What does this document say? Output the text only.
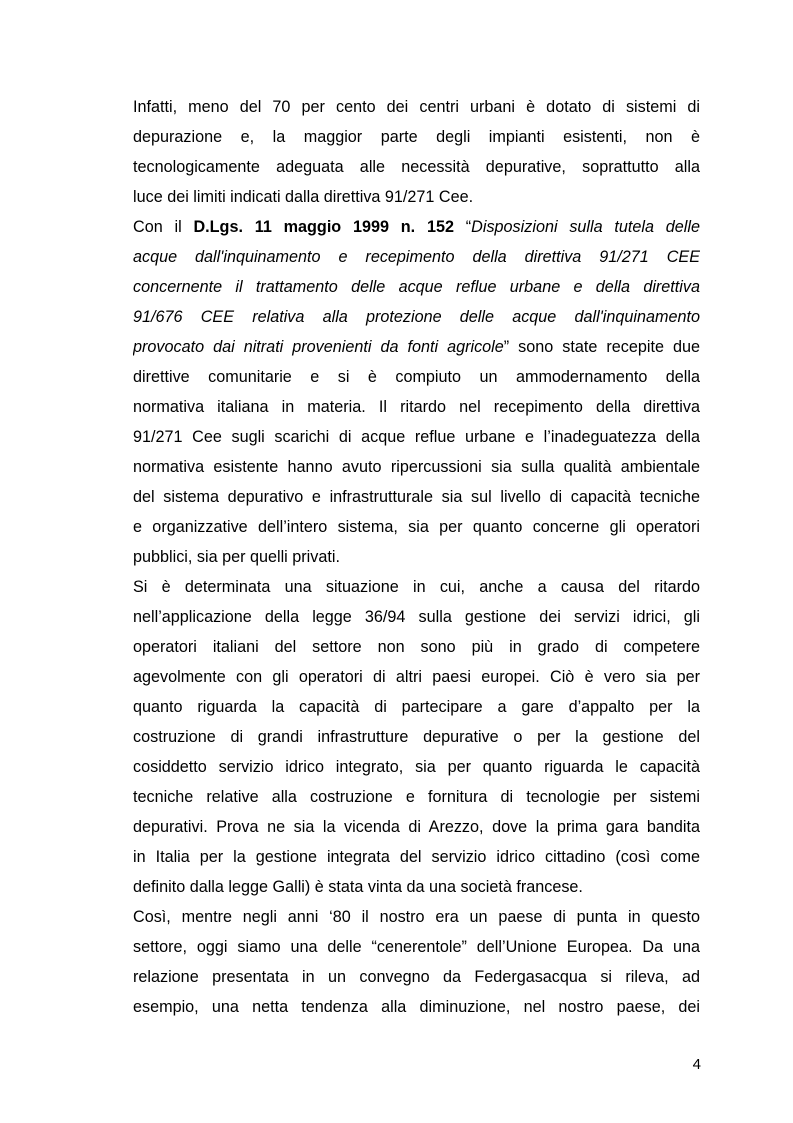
Infatti, meno del 70 per cento dei centri urbani è dotato di sistemi di
depurazione e, la maggior parte degli impianti esistenti, non è
tecnologicamente adeguata alle necessità depurative, soprattutto alla
luce dei limiti indicati dalla direttiva 91/271 Cee.
Con il D.Lgs. 11 maggio 1999 n. 152 “Disposizioni sulla tutela delle
acque dall'inquinamento e recepimento della direttiva 91/271 CEE
concernente il trattamento delle acque reflue urbane e della direttiva
91/676 CEE relativa alla protezione delle acque dall'inquinamento
provocato dai nitrati provenienti da fonti agricole” sono state recepite due
direttive comunitarie e si è compiuto un ammodernamento della
normativa italiana in materia. Il ritardo nel recepimento della direttiva
91/271 Cee sugli scarichi di acque reflue urbane e l’inadeguatezza della
normativa esistente hanno avuto ripercussioni sia sulla qualità ambientale
del sistema depurativo e infrastrutturale sia sul livello di capacità tecniche
e organizzative dell’intero sistema, sia per quanto concerne gli operatori
pubblici, sia per quelli privati.
Si è determinata una situazione in cui, anche a causa del ritardo
nell’applicazione della legge 36/94 sulla gestione dei servizi idrici, gli
operatori italiani del settore non sono più in grado di competere
agevolmente con gli operatori di altri paesi europei. Ciò è vero sia per
quanto riguarda la capacità di partecipare a gare d’appalto per la
costruzione di grandi infrastrutture depurative o per la gestione del
cosiddetto servizio idrico integrato, sia per quanto riguarda le capacità
tecniche relative alla costruzione e fornitura di tecnologie per sistemi
depurativi. Prova ne sia la vicenda di Arezzo, dove la prima gara bandita
in Italia per la gestione integrata del servizio idrico cittadino (così come
definito dalla legge Galli) è stata vinta da una società francese.
Così, mentre negli anni ‘80 il nostro era un paese di punta in questo
settore, oggi siamo una delle “cenerentole” dell’Unione Europea. Da una
relazione presentata in un convegno da Federgasacqua si rileva, ad
esempio, una netta tendenza alla diminuzione, nel nostro paese, dei
4
